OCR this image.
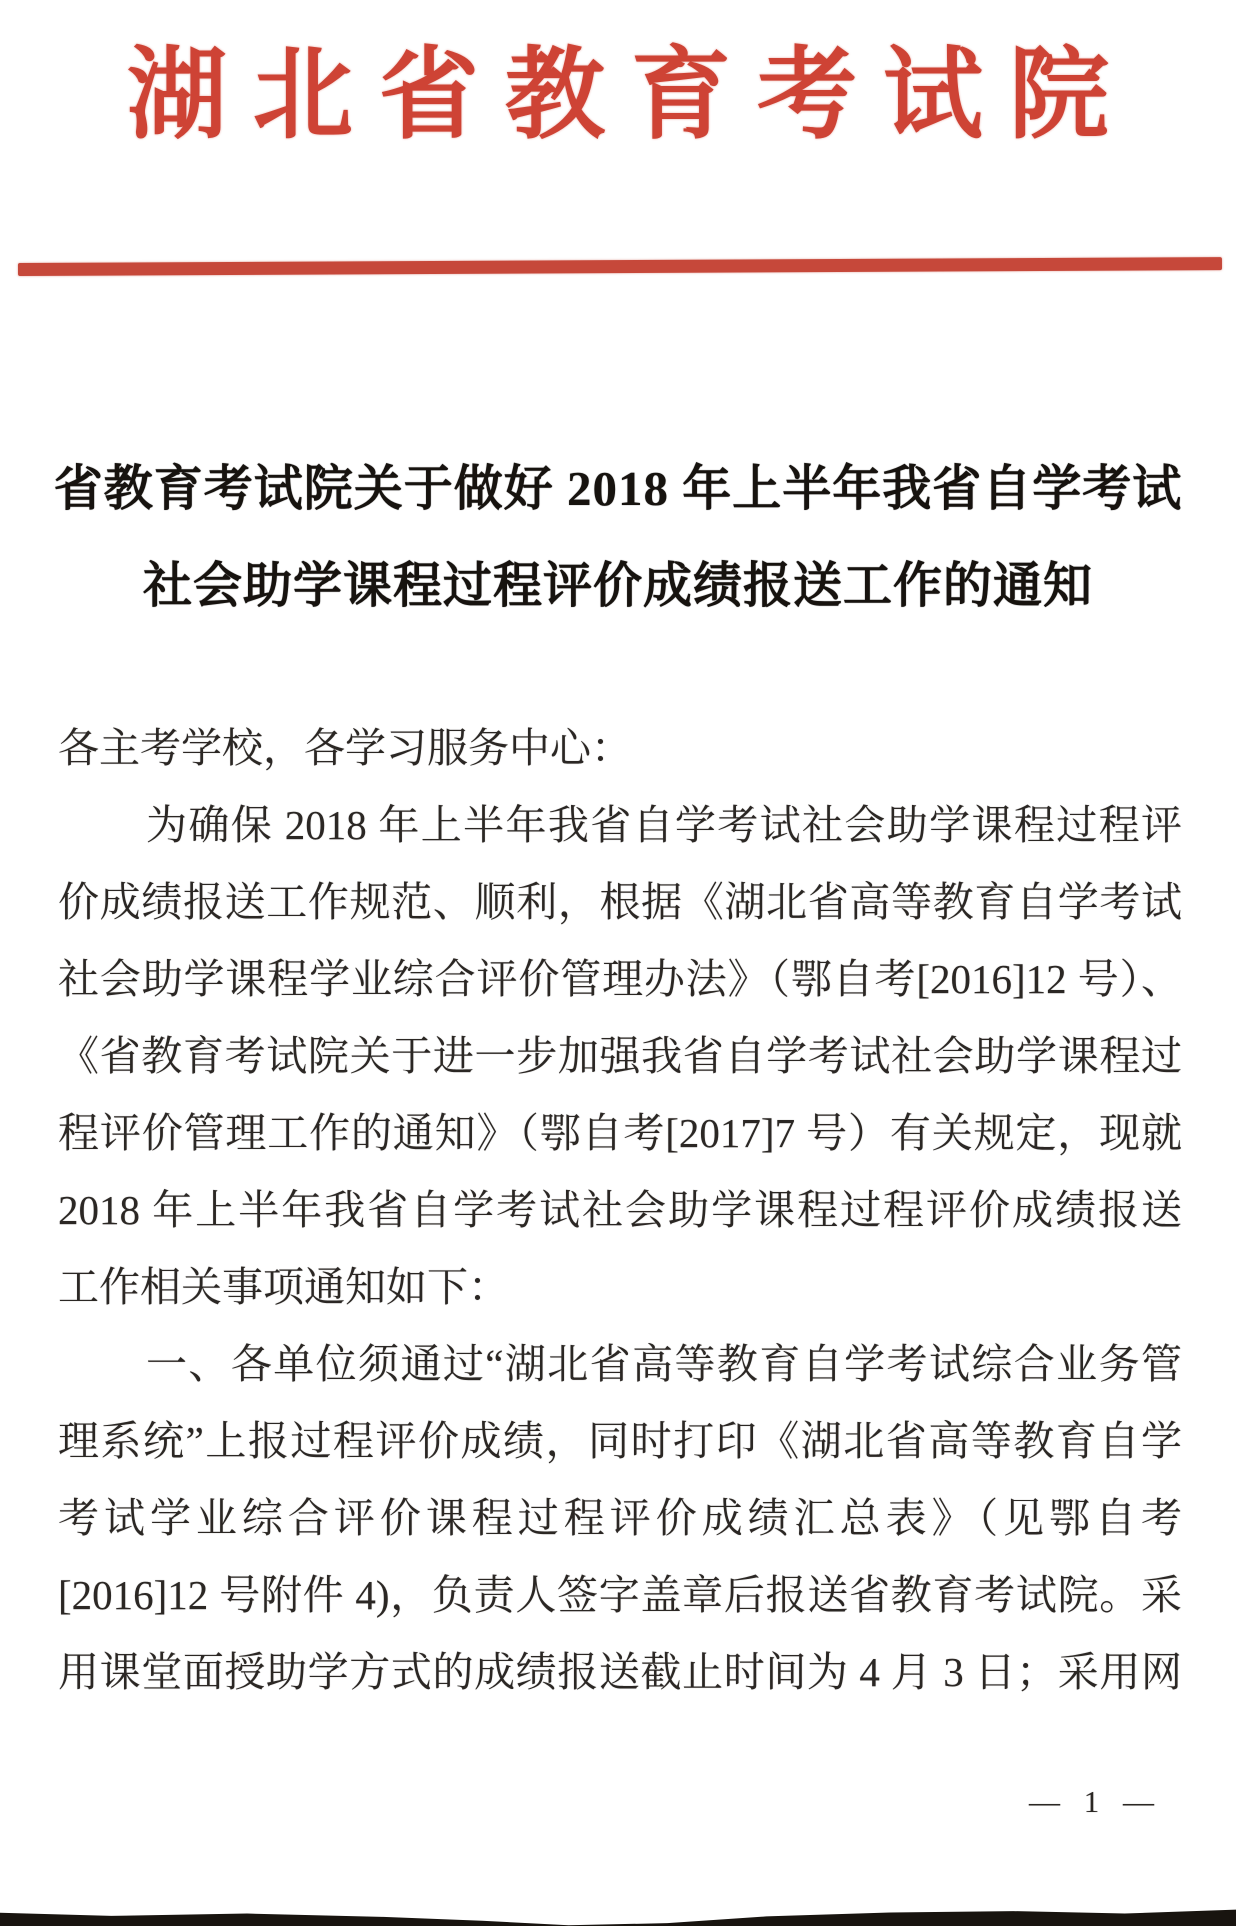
湖北省教育考试院
省教育考试院关于做好 2018 年上半年我省自学考试
社会助学课程过程评价成绩报送工作的通知
各主考学校，各学习服务中心：
为确保 2018 年上半年我省自学考试社会助学课程过程评
价成绩报送工作规范、顺利，根据《湖北省高等教育自学考试
社会助学课程学业综合评价管理办法》（鄂自考[2016]12 号）、
《省教育考试院关于进一步加强我省自学考试社会助学课程过
程评价管理工作的通知》（鄂自考[2017]7 号）有关规定，现就
2018 年上半年我省自学考试社会助学课程过程评价成绩报送
工作相关事项通知如下：
一、各单位须通过“湖北省高等教育自学考试综合业务管
理系统”上报过程评价成绩，同时打印《湖北省高等教育自学
考试学业综合评价课程过程评价成绩汇总表》（见鄂自考
[2016]12 号附件 4)，负责人签字盖章后报送省教育考试院。采
用课堂面授助学方式的成绩报送截止时间为 4 月 3 日；采用网
— 1 —
